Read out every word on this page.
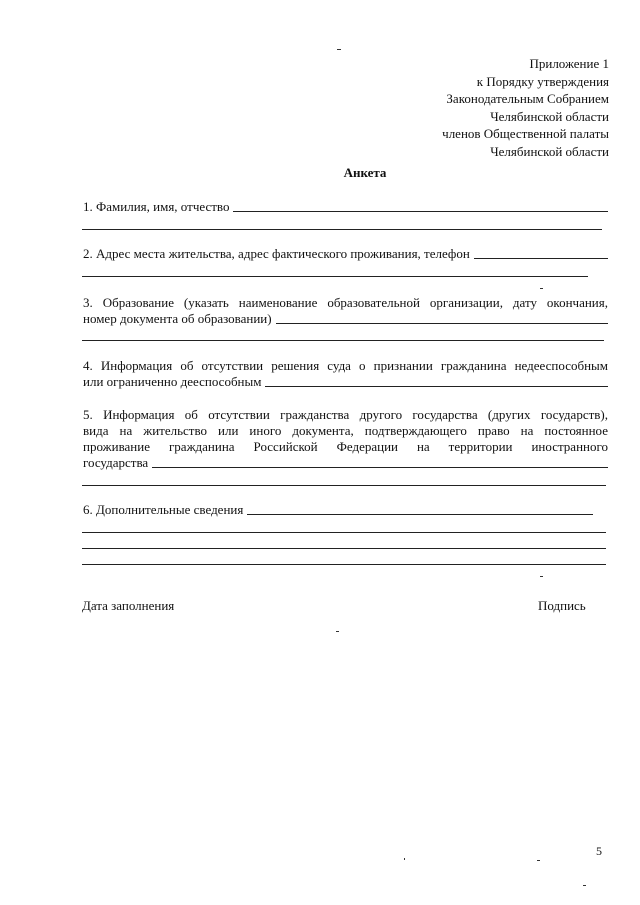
Приложение 1
к Порядку утверждения
Законодательным Собранием
Челябинской области
членов Общественной палаты
Челябинской области
Анкета
1. Фамилия, имя, отчество
2. Адрес места жительства, адрес фактического проживания, телефон
3. Образование (указать наименование образовательной организации, дату окончания,
номер документа об образовании)
4. Информация об отсутствии решения суда о признании гражданина недееспособным
или ограниченно дееспособным
5. Информация об отсутствии гражданства другого государства (других государств),
вида на жительство или иного документа, подтверждающего право на постоянное
проживание гражданина Российской Федерации на территории иностранного
государства
6. Дополнительные сведения
Дата заполнения	Подпись
5
